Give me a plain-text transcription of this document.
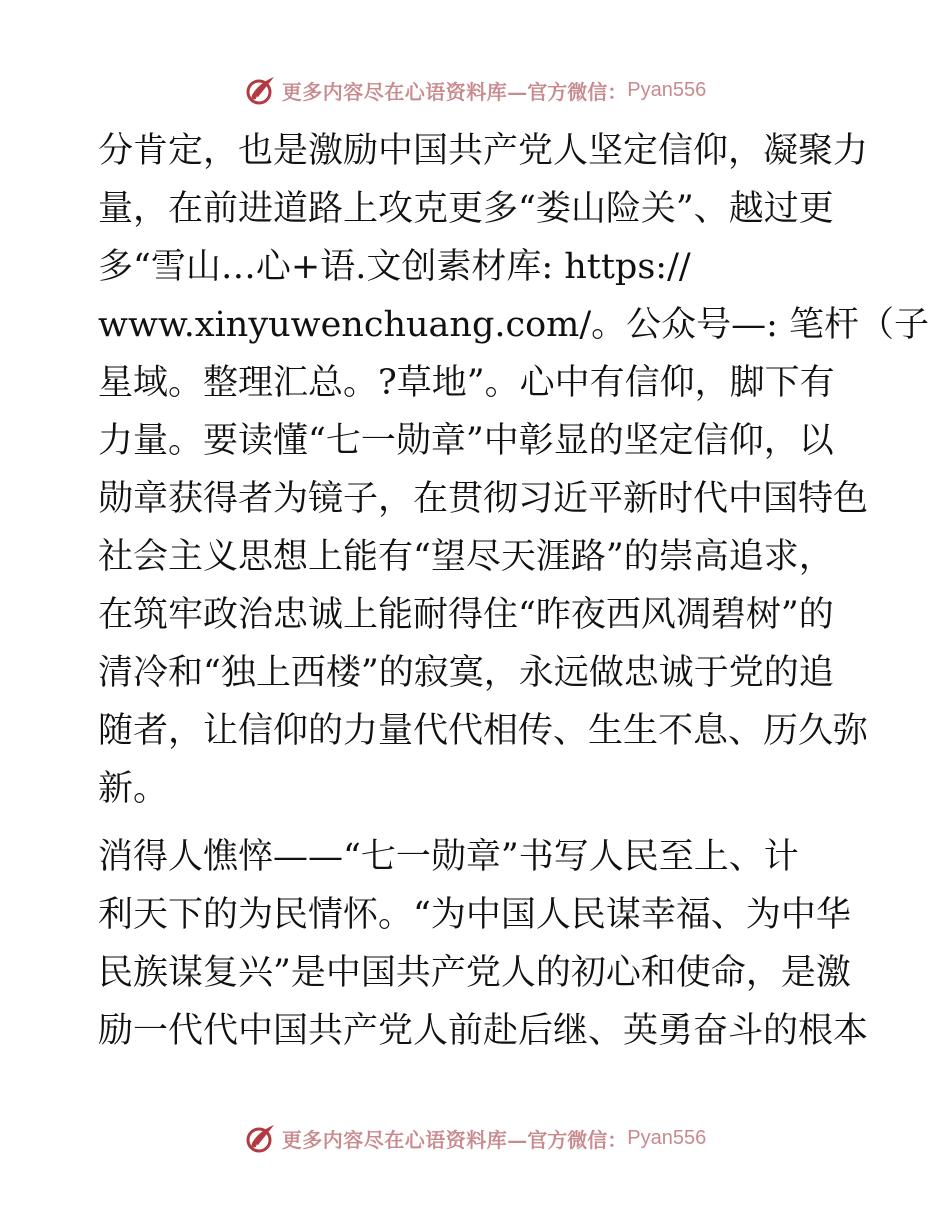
更多内容尽在心语资料库 —官方微信： Pyan556
分肯定，也是激励中国共产党人坚定信仰，凝聚力
量，在前进道路上攻克更多“娄山险关”、越过更
多“雪山…心+语.文创素材库: https://
www.xinyuwenchuang.com/。公众号—: 笔杆（子
星域。整理汇总。?草地”。心中有信仰，脚下有
力量。要读懂“七一勋章”中彰显的坚定信仰，以
勋章获得者为镜子，在贯彻习近平新时代中国特色
社会主义思想上能有“望尽天涯路”的崇高追求，
在筑牢政治忠诚上能耐得住“昨夜西风凋碧树”的
清冷和“独上西楼”的寂寞，永远做忠诚于党的追
随者，让信仰的力量代代相传、生生不息、历久弥
新。
消得人憔悴——“七一勋章”书写人民至上、计
利天下的为民情怀。“为中国人民谋幸福、为中华
民族谋复兴”是中国共产党人的初心和使命，是激
励一代代中国共产党人前赴后继、英勇奋斗的根本
更多内容尽在心语资料库 —官方微信： Pyan556
